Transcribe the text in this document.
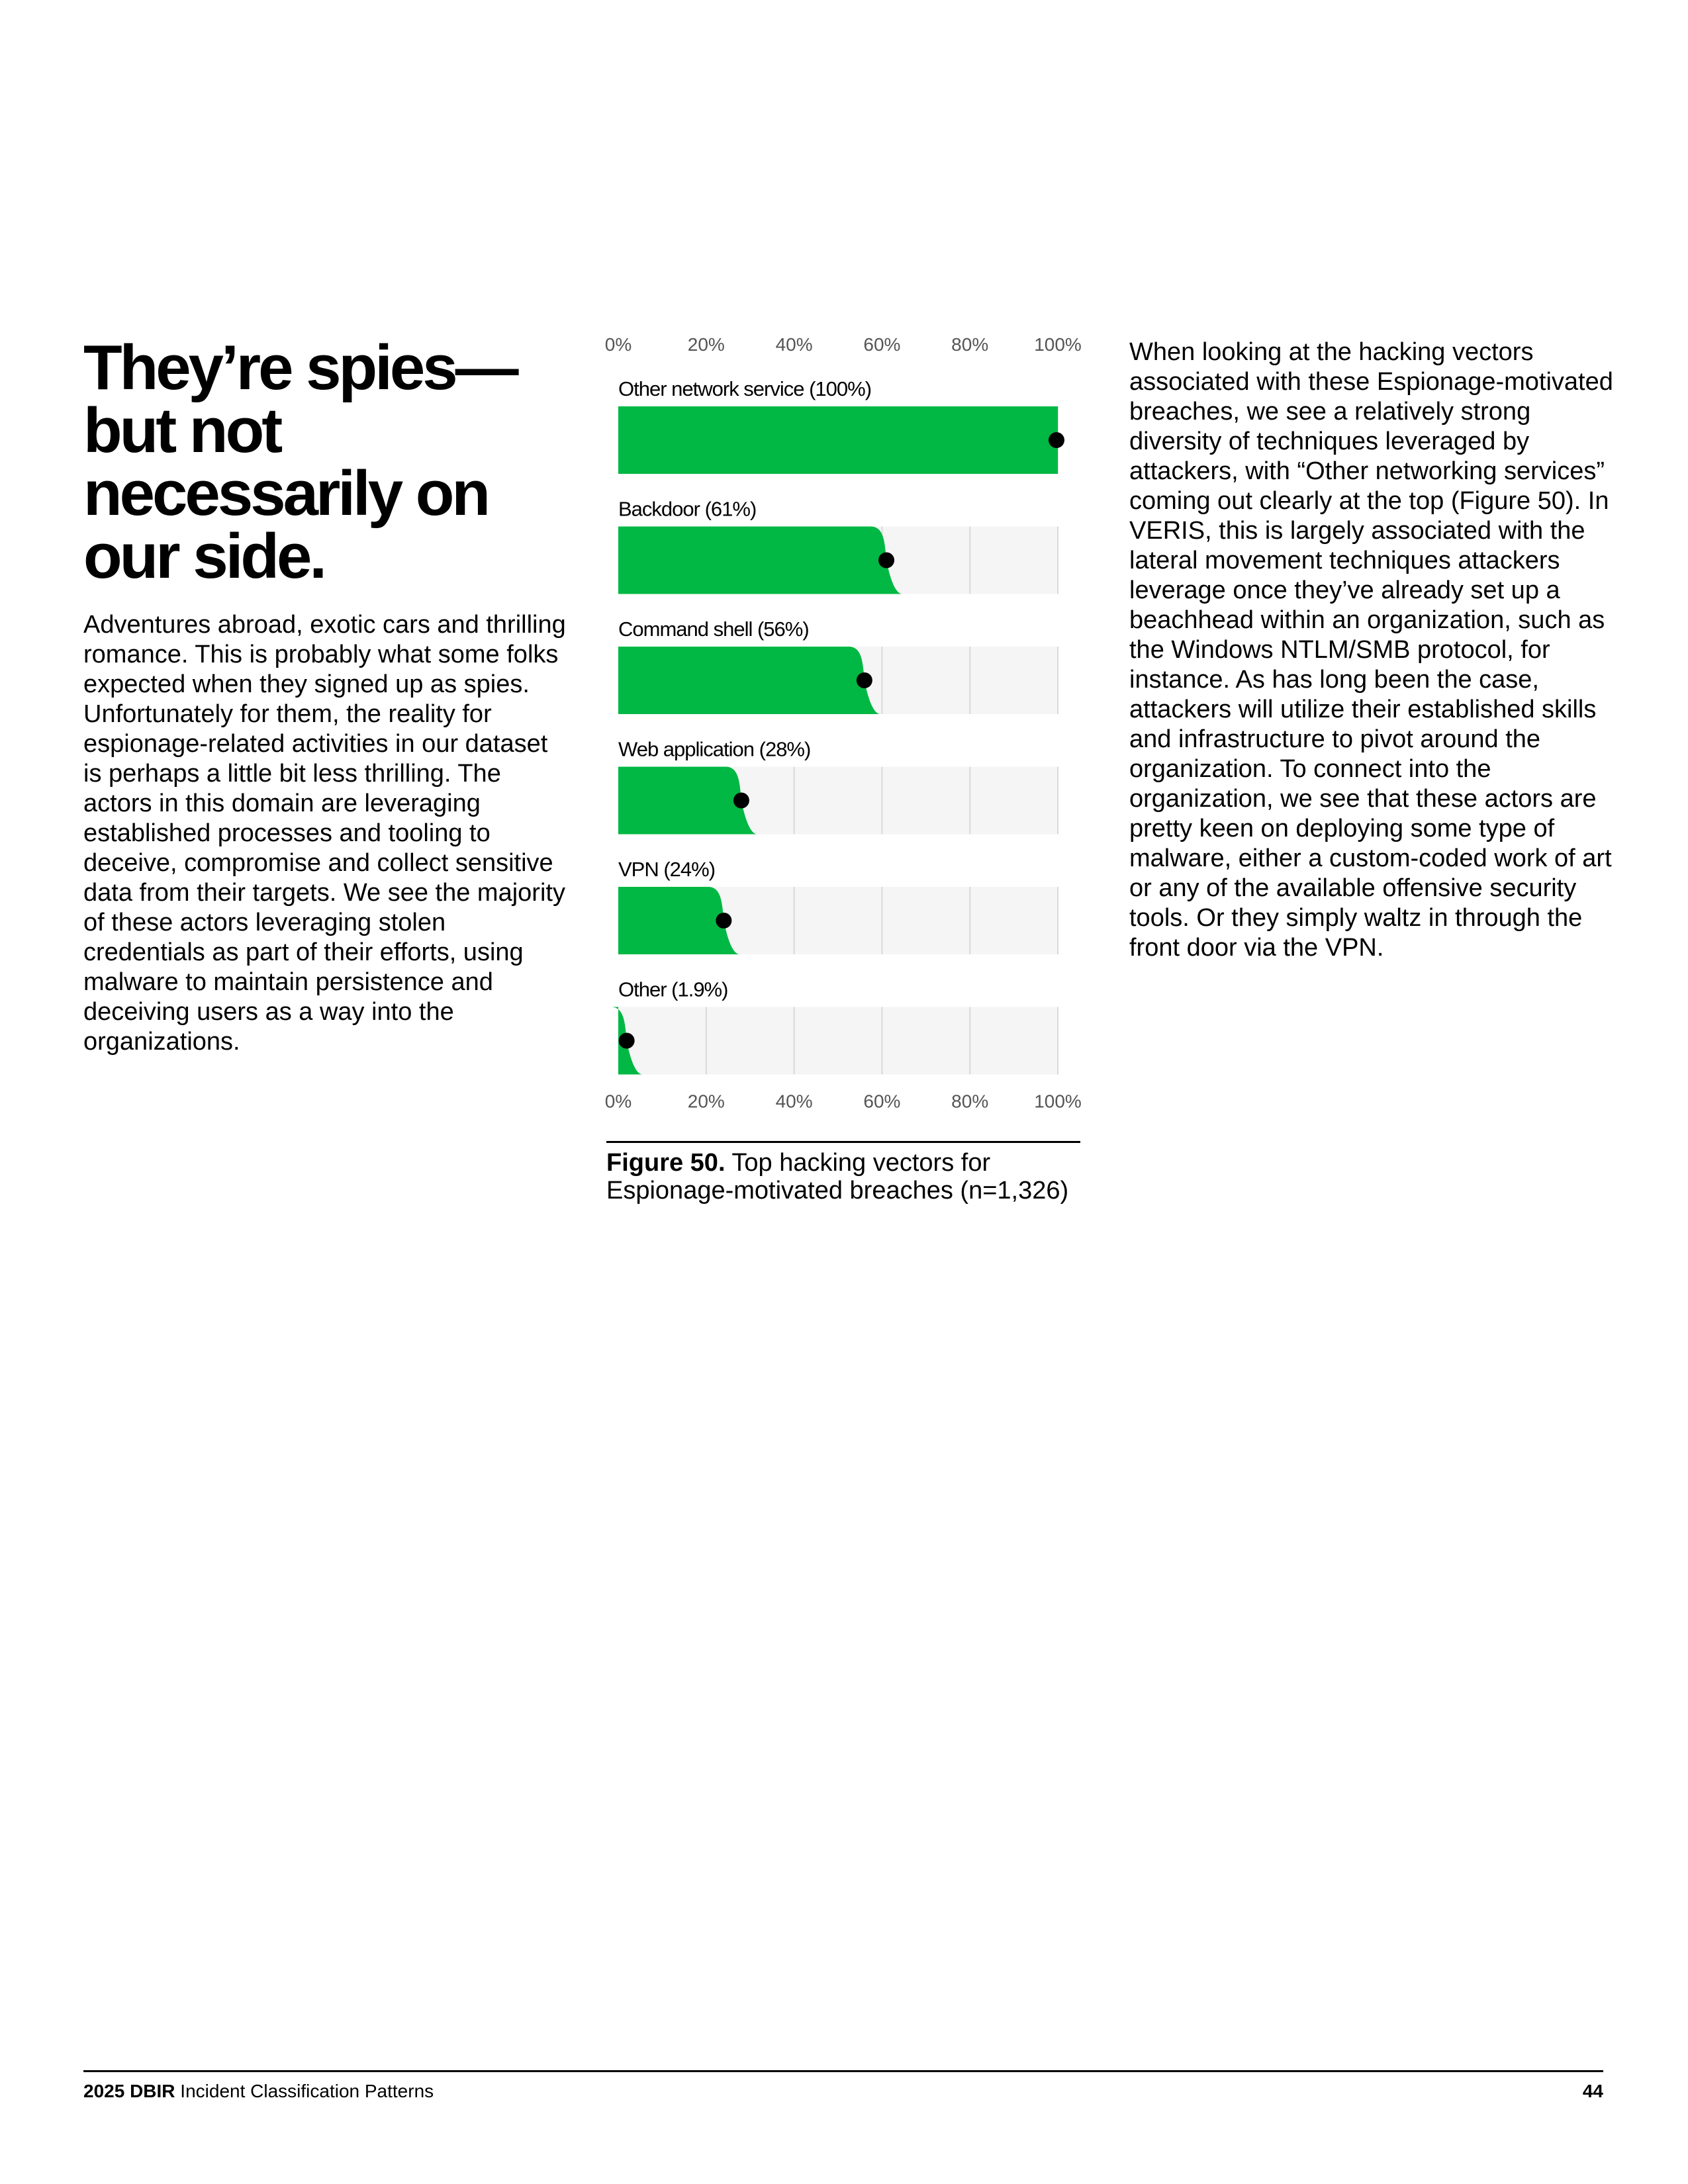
They’re spies—but not necessarily on our side.

Adventures abroad, exotic cars and thrilling romance. This is probably what some folks expected when they signed up as spies. Unfortunately for them, the reality for espionage-related activities in our dataset is perhaps a little bit less thrilling. The actors in this domain are leveraging established processes and tooling to deceive, compromise and collect sensitive data from their targets. We see the majority of these actors leveraging stolen credentials as part of their efforts, using malware to maintain persistence and deceiving users as a way into the organizations.

0%	20%	40%	60%	80% 100%
0%	20%	40%	60%	80% 100%
Other network service (100%)
Backdoor (61%)
Command shell (56%)
Web application (28%)
VPN (24%)
Other (1.9%)
Figure 50. Top hacking vectors for Espionage-motivated breaches (n=1,326)

When looking at the hacking vectors associated with these Espionage-motivated breaches, we see a relatively strong diversity of techniques leveraged by attackers, with “Other networking services” coming out clearly at the top (Figure 50). In VERIS, this is largely associated with the lateral movement techniques attackers leverage once they’ve already set up a beachhead within an organization, such as the Windows NTLM/SMB protocol, for instance. As has long been the case, attackers will utilize their established skills and infrastructure to pivot around the organization. To connect into the organization, we see that these actors are pretty keen on deploying some type of malware, either a custom-coded work of art or any of the available offensive security tools. Or they simply waltz in through the front door via the VPN.

2025 DBIR Incident Classification Patterns	44
